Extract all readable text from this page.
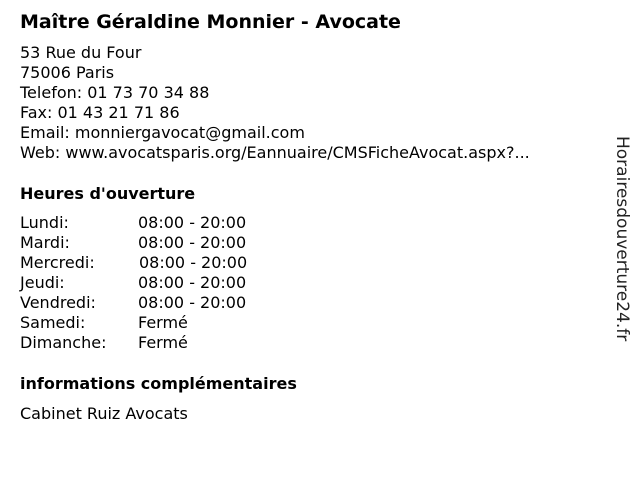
Maître Géraldine Monnier - Avocate
53 Rue du Four
75006 Paris
Telefon: 01 73 70 34 88
Fax: 01 43 21 71 86
Email: monniergavocat@gmail.com
Web: www.avocatsparis.org/Eannuaire/CMSFicheAvocat.aspx?...
Heures d'ouverture
Lundi:	08:00 - 20:00
Mardi:	08:00 - 20:00
Mercredi:	08:00 - 20:00
Jeudi:	08:00 - 20:00
Vendredi:	08:00 - 20:00
Samedi:	Fermé
Dimanche: Fermé
informations complémentaires
Cabinet Ruiz Avocats
Horairesdouverture24.fr
